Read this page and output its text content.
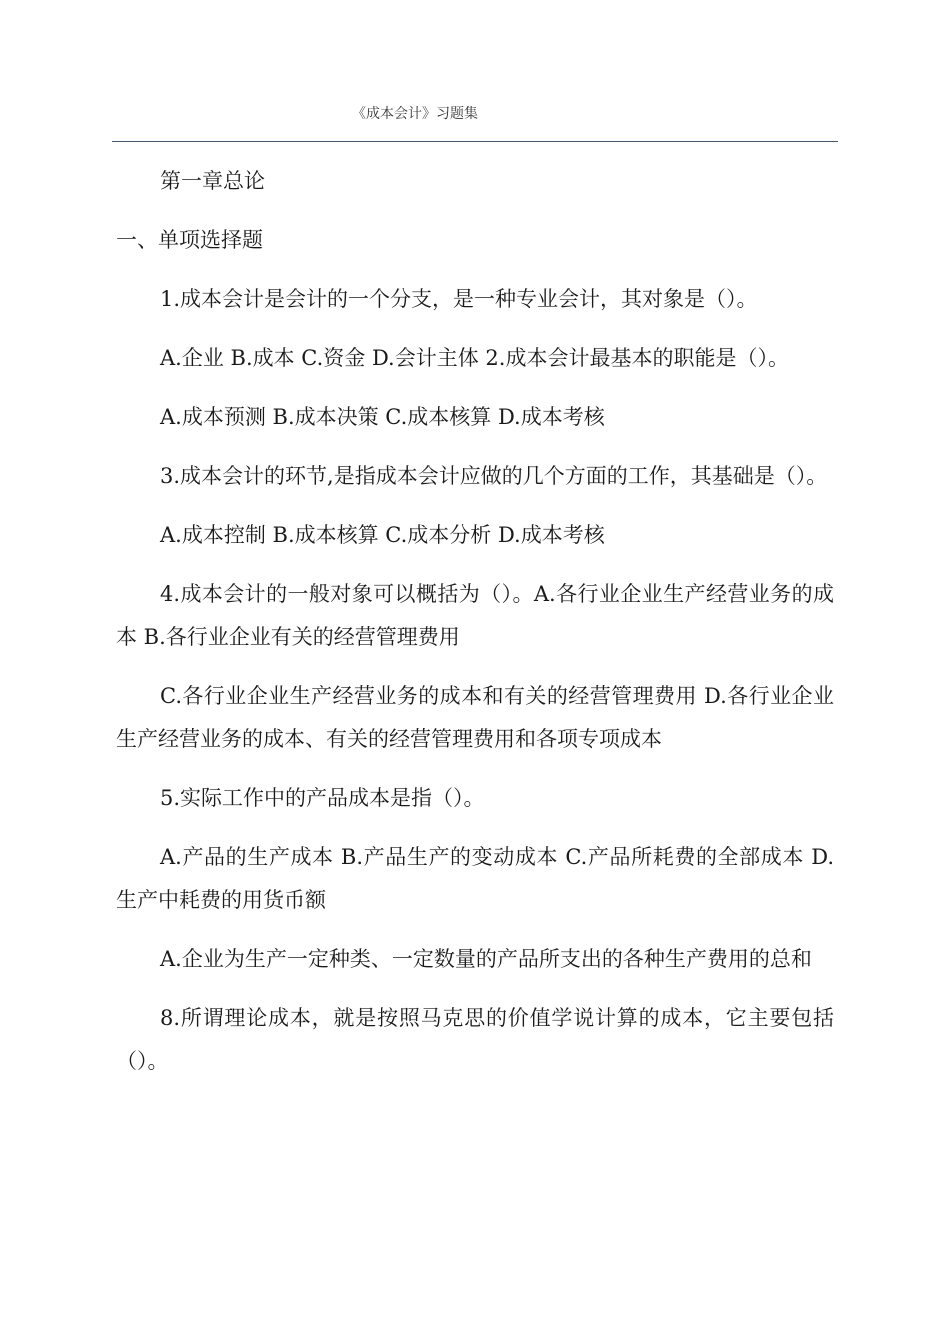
《成本会计》习题集

第一章总论

一、单项选择题

1.成本会计是会计的一个分支，是一种专业会计，其对象是（）。

A.企业 B.成本 C.资金 D.会计主体 2.成本会计最基本的职能是（）。

A.成本预测 B.成本决策 C.成本核算 D.成本考核

3.成本会计的环节,是指成本会计应做的几个方面的工作，其基础是（）。

A.成本控制 B.成本核算 C.成本分析 D.成本考核

4.成本会计的一般对象可以概括为（）。A.各行业企业生产经营业务的成本 B.各行业企业有关的经营管理费用

C.各行业企业生产经营业务的成本和有关的经营管理费用 D.各行业企业生产经营业务的成本、有关的经营管理费用和各项专项成本

5.实际工作中的产品成本是指（）。

A.产品的生产成本 B.产品生产的变动成本 C.产品所耗费的全部成本 D.生产中耗费的用货币额

A.企业为生产一定种类、一定数量的产品所支出的各种生产费用的总和

8.所谓理论成本，就是按照马克思的价值学说计算的成本，它主要包括（）。
